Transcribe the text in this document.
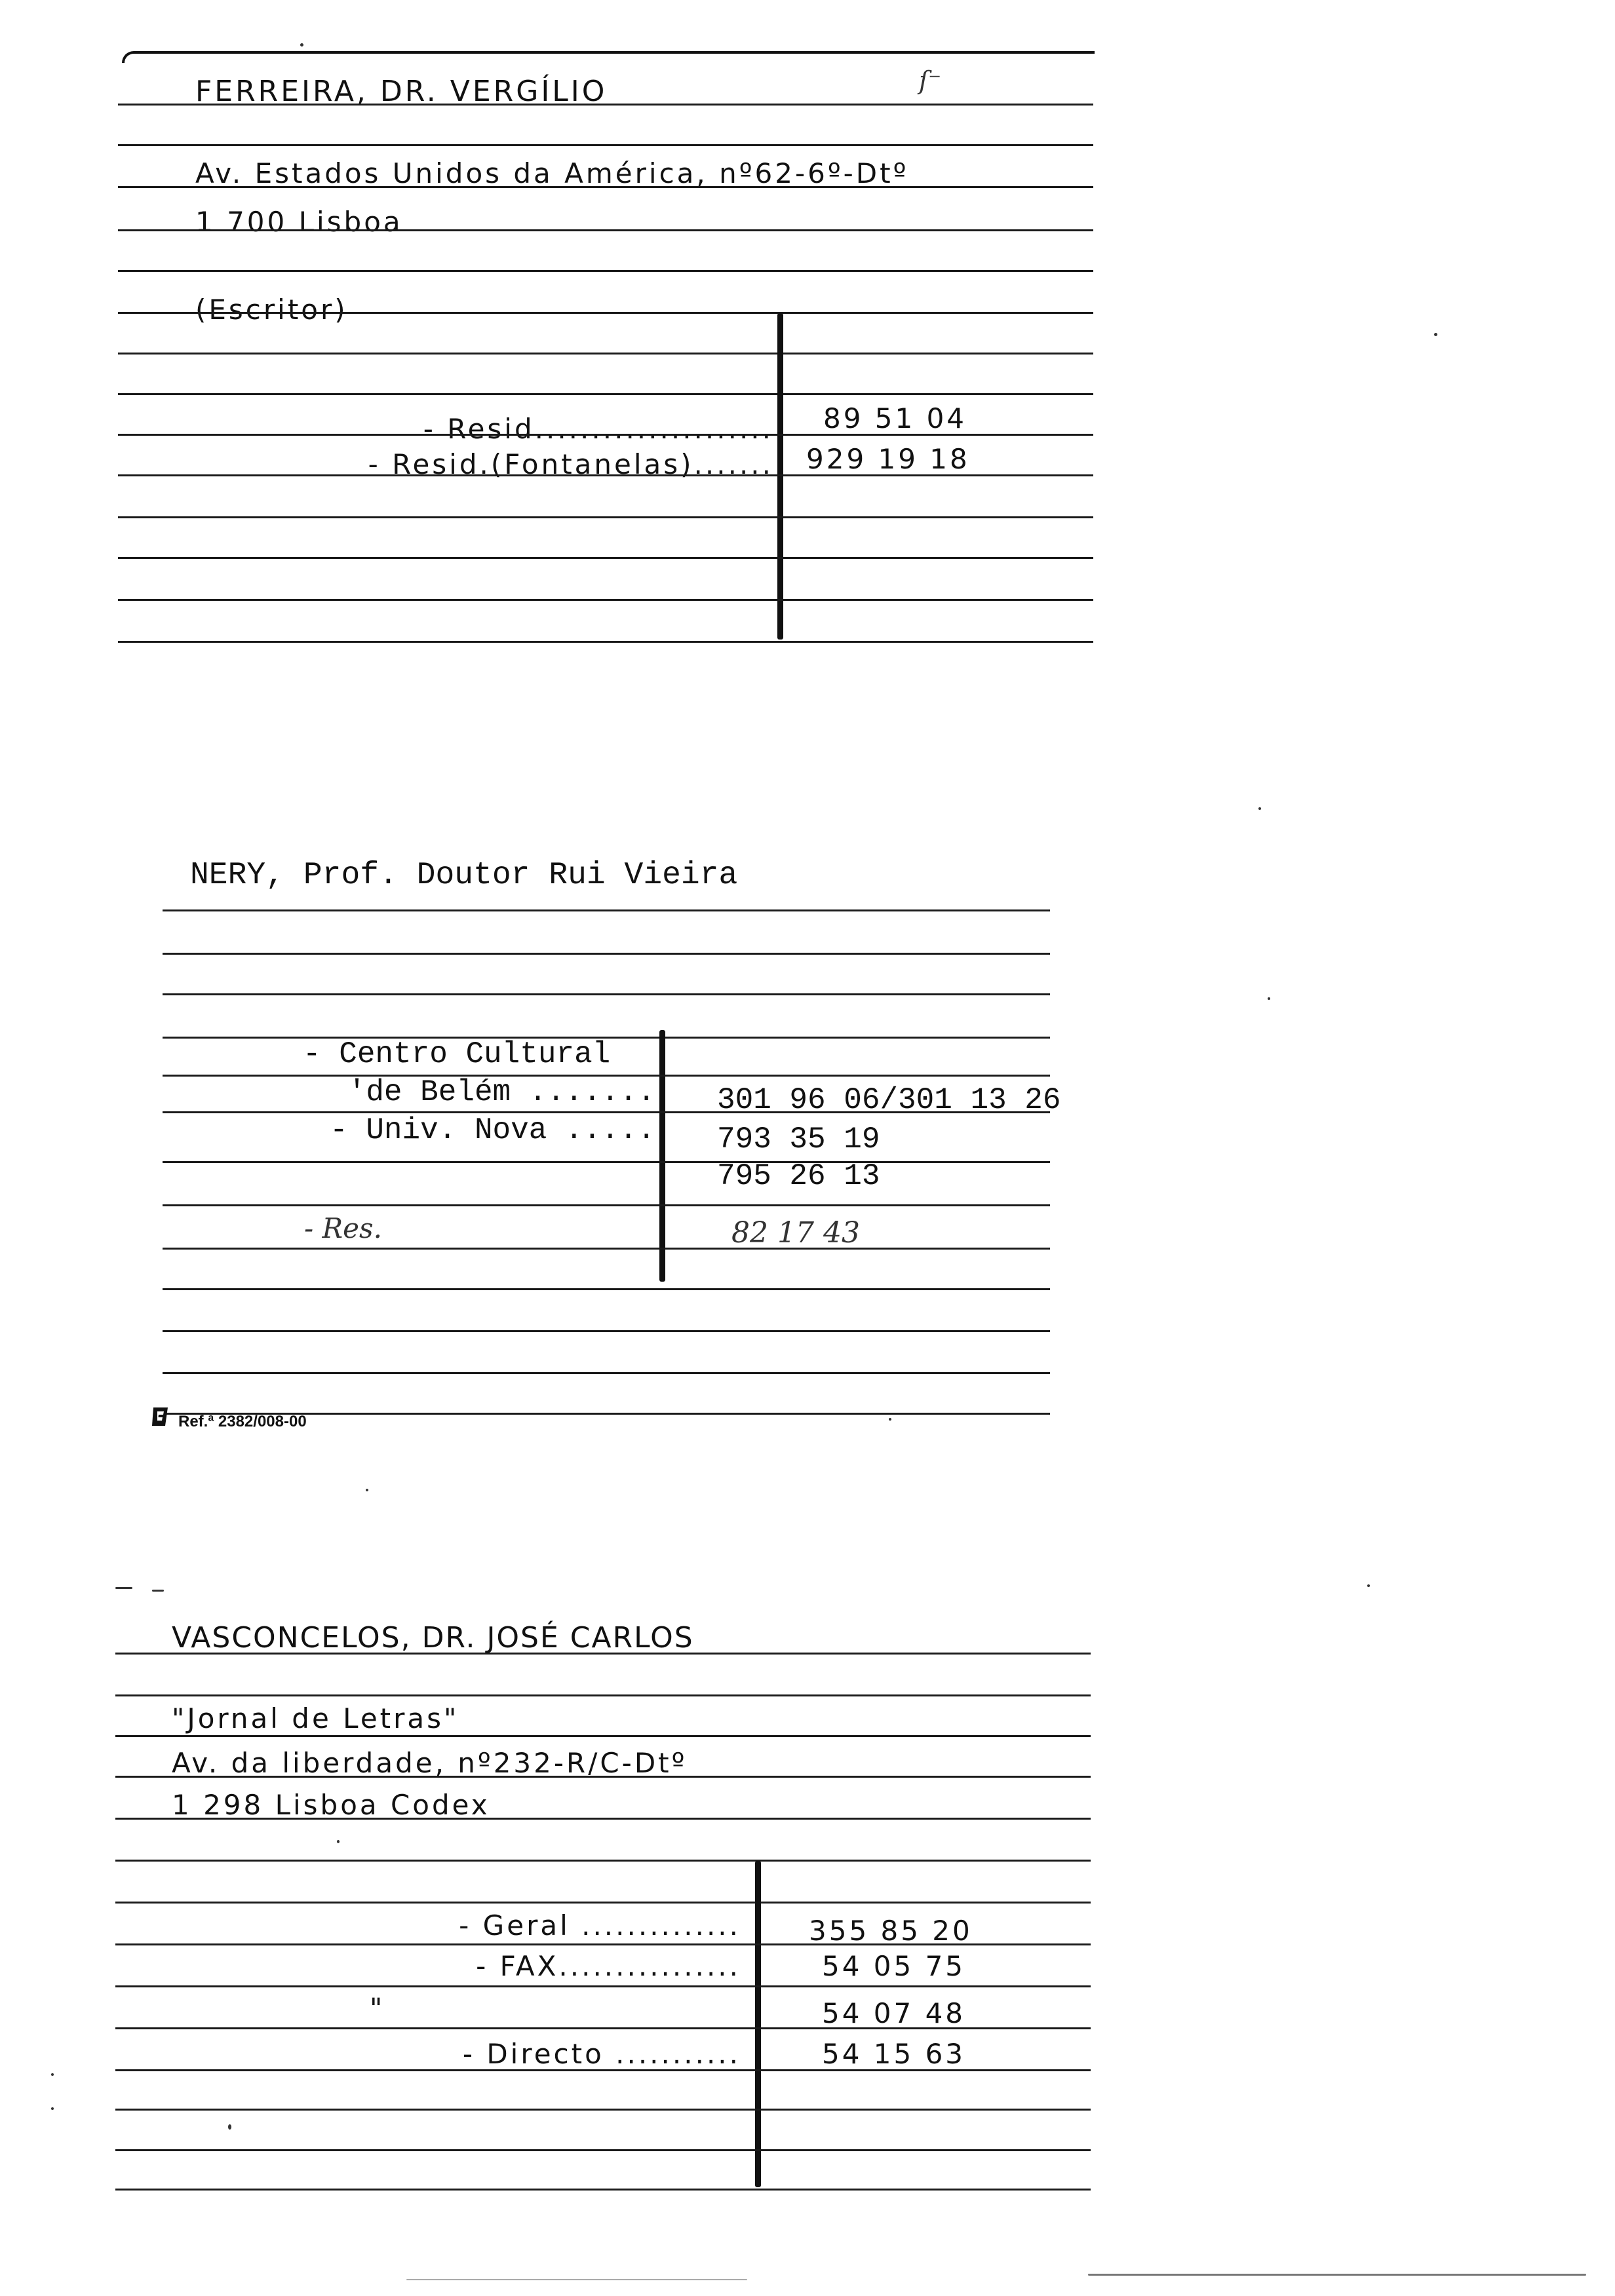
FERREIRA, DR. VERGÍLIO	ſ⁻
Av. Estados Unidos da América, nº62-6º-Dtº
1 700 Lisboa
(Escritor)
- Resid..................... 89 51 04
- Resid.(Fontanelas)....... 929 19 18
NERY, Prof. Doutor Rui Vieira
- Centro Cultural
'de Belém ....... 301 96 06/301 13 26
- Univ. Nova ..... 793 35 19
795 26 13
- Res.	82 17 43
Ref.ª 2382/008-00
VASCONCELOS, DR. JOSÉ CARLOS
"Jornal de Letras"
Av. da liberdade, nº232-R/C-Dtº
1 298 Lisboa Codex
- Geral .............. 355 85 20
- FAX................	54 05 75
"	54 07 48
- Directo ...........	54 15 63
